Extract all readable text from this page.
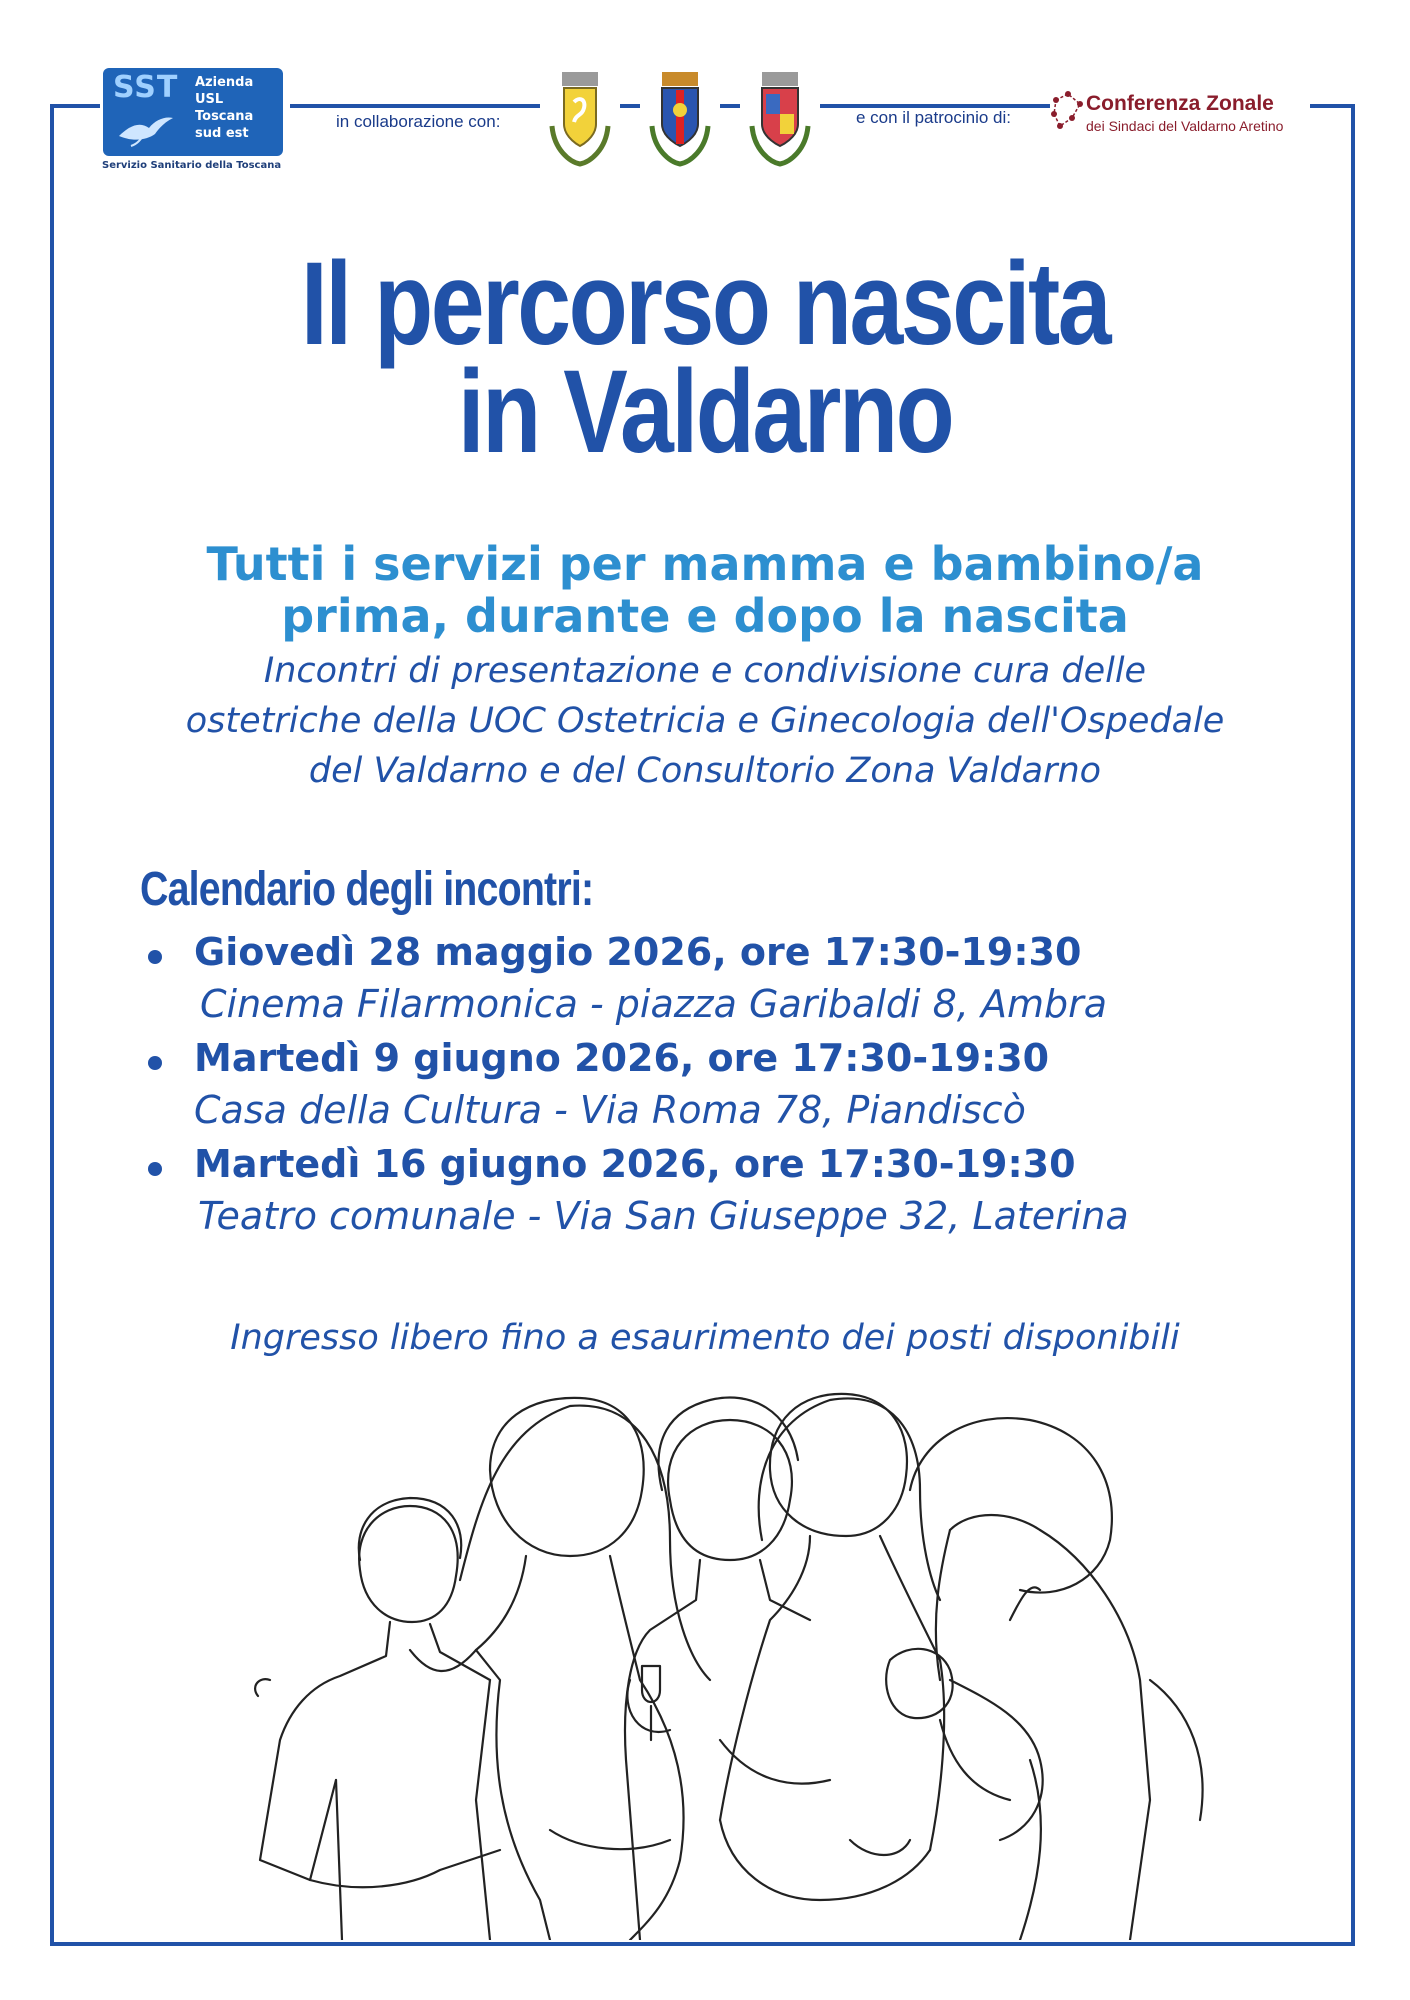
SST Azienda
USL
Toscana
sud est
Servizio Sanitario della Toscana
in collaborazione con:	e con il patrocinio di:
Conferenza Zonale
dei Sindaci del Valdarno Aretino
Il percorso nascita
in Valdarno
Tutti i servizi per mamma e bambino/a
prima, durante e dopo la nascita
Incontri di presentazione e condivisione cura delle
ostetriche della UOC Ostetricia e Ginecologia dell'Ospedale
del Valdarno e del Consultorio Zona Valdarno
Calendario degli incontri:
Giovedì 28 maggio 2026, ore 17:30-19:30
Cinema Filarmonica - piazza Garibaldi 8, Ambra
Martedì 9 giugno 2026, ore 17:30-19:30
Casa della Cultura - Via Roma 78, Piandiscò
Martedì 16 giugno 2026, ore 17:30-19:30
Teatro comunale - Via San Giuseppe 32, Laterina
Ingresso libero fino a esaurimento dei posti disponibili
